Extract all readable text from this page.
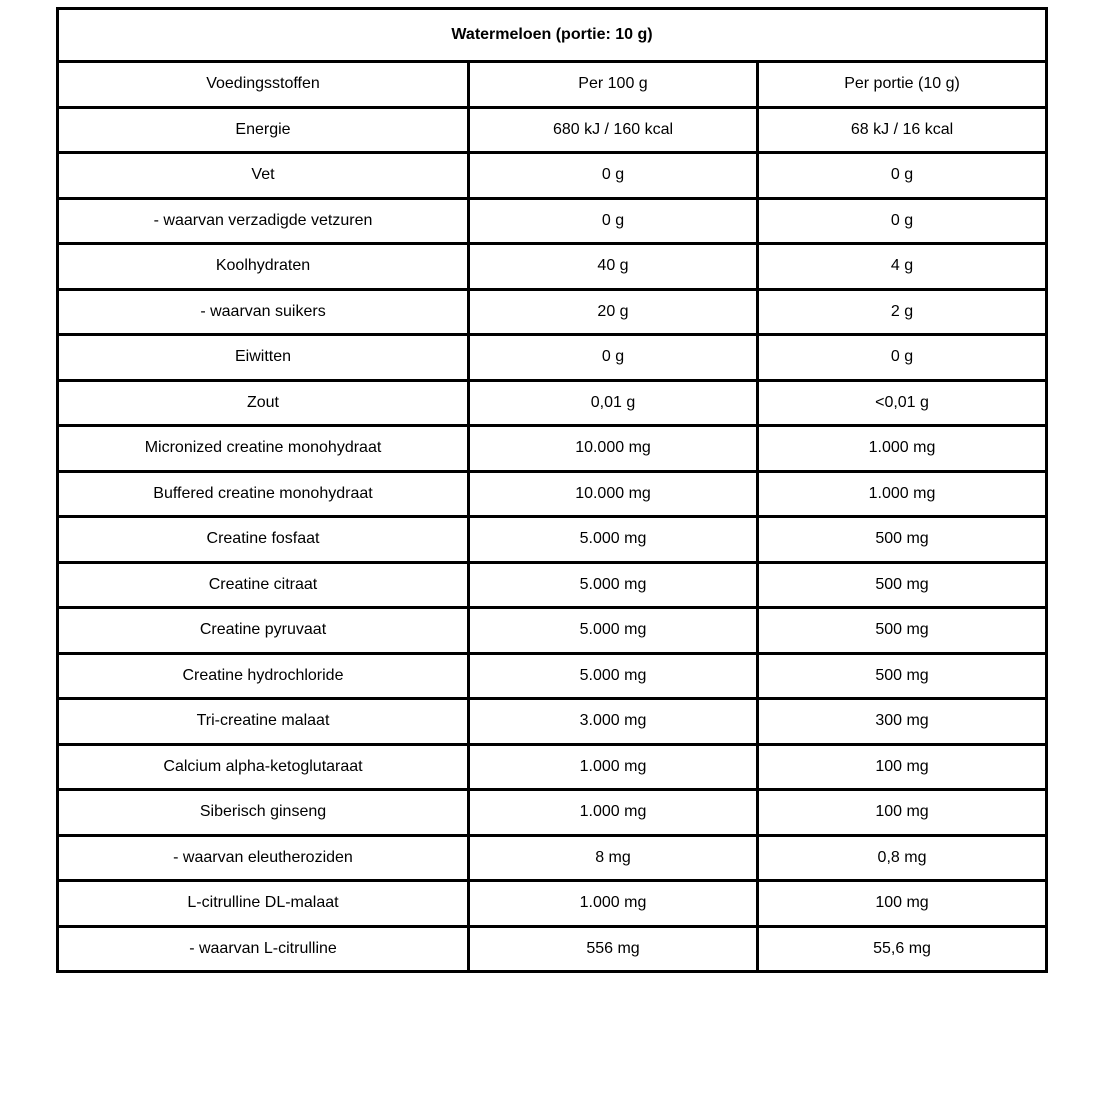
Watermeloen (portie: 10 g)		
Voedingsstoffen	Per 100 g	Per portie (10 g)
Energie	680 kJ / 160 kcal	68 kJ / 16 kcal
Vet	0 g	0 g
- waarvan verzadigde vetzuren	0 g	0 g
Koolhydraten	40 g	4 g
- waarvan suikers	20 g	2 g
Eiwitten	0 g	0 g
Zout	0,01 g	<0,01 g
Micronized creatine monohydraat	10.000 mg	1.000 mg
Buffered creatine monohydraat	10.000 mg	1.000 mg
Creatine fosfaat	5.000 mg	500 mg
Creatine citraat	5.000 mg	500 mg
Creatine pyruvaat	5.000 mg	500 mg
Creatine hydrochloride	5.000 mg	500 mg
Tri-creatine malaat	3.000 mg	300 mg
Calcium alpha-ketoglutaraat	1.000 mg	100 mg
Siberisch ginseng	1.000 mg	100 mg
- waarvan eleutheroziden	8 mg	0,8 mg
L-citrulline DL-malaat	1.000 mg	100 mg
- waarvan L-citrulline	556 mg	55,6 mg
